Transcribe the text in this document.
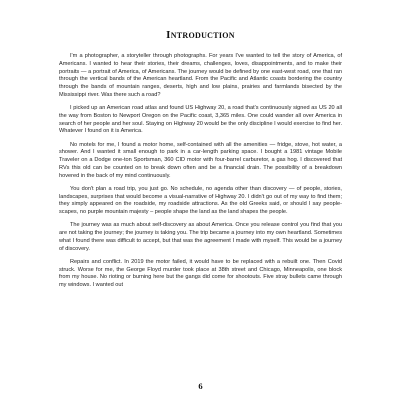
Introduction

I'm a photographer, a storyteller through photographs. For years I've wanted to tell the story of America, of Americans. I wanted to hear their stories, their dreams, challenges, loves, disappointments, and to make their portraits — a portrait of America, of Americans. The journey would be defined by one east-west road, one that ran through the vertical bands of the American heartland. From the Pacific and Atlantic coasts bordering the country through the bands of mountain ranges, deserts, high and low plains, prairies and farmlands bisected by the Mississippi river. Was there such a road?

I picked up an American road atlas and found US Highway 20, a road that's continuously signed as US 20 all the way from Boston to Newport Oregon on the Pacific coast, 3,365 miles. One could wander all over America in search of her people and her soul. Staying on Highway 20 would be the only discipline I would exercise to find her. Whatever I found on it is America.

No motels for me, I found a motor home, self-contained with all the amenities — fridge, stove, hot water, a shower. And I wanted it small enough to park in a car-length parking space. I bought a 1981 vintage Mobile Traveler on a Dodge one-ton Sportsman, 360 CID motor with four-barrel carburetor, a gas hog. I discovered that RVs this old can be counted on to break down often and be a financial drain. The possibility of a breakdown hovered in the back of my mind continuously.

You don't plan a road trip, you just go. No schedule, no agenda other than discovery — of people, stories, landscapes, surprises that would become a visual-narrative of Highway 20. I didn't go out of my way to find them; they simply appeared on the roadside, my roadside attractions. As the old Greeks said, or should I say people-scapes, no purple mountain majesty – people shape the land as the land shapes the people.

The journey was as much about self-discovery as about America. Once you release control you find that you are not taking the journey; the journey is taking you. The trip became a journey into my own heartland. Sometimes what I found there was difficult to accept, but that was the agreement I made with myself. This would be a journey of discovery.

Repairs and conflict. In 2019 the motor failed, it would have to be replaced with a rebuilt one. Then Covid struck. Worse for me, the George Floyd murder took place at 38th street and Chicago, Minneapolis, one block from my house. No rioting or burning here but the gangs did come for shootouts. Five stray bullets came through my windows. I wanted out

6
